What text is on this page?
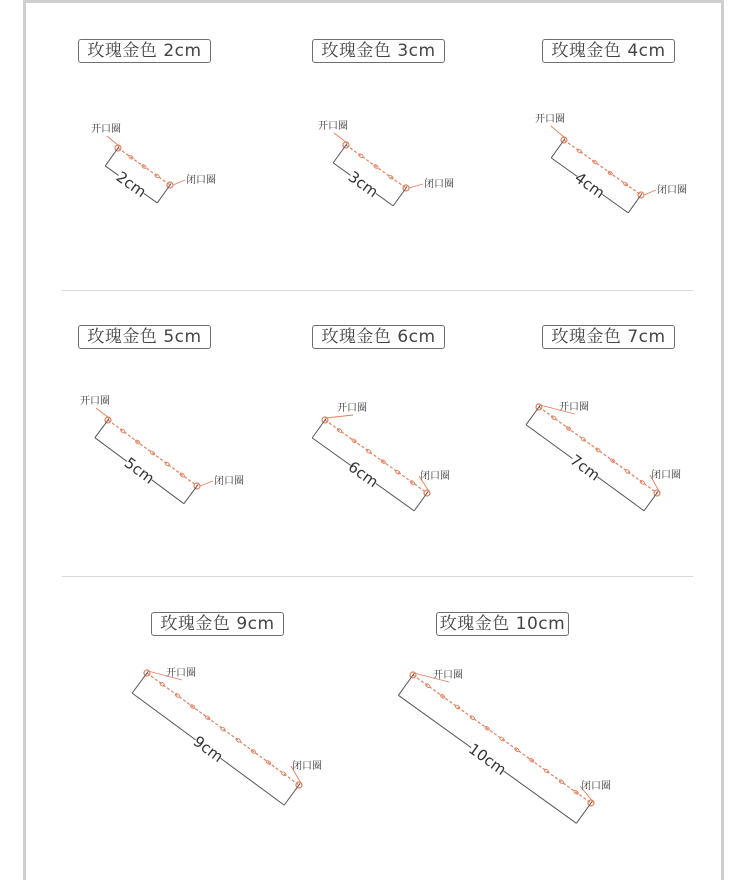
玫瑰金色 2cm	玫瑰金色 3cm	玫瑰金色 4cm
玫瑰金色 5cm	玫瑰金色 6cm	玫瑰金色 7cm
玫瑰金色 9cm	玫瑰金色 10cm
开口圈
闭口圈
2cm
开口圈
闭口圈
3cm
开口圈
闭口圈
4cm
开口圈
闭口圈
5cm
开口圈
闭口圈
6cm
开口圈
闭口圈
7cm
开口圈
闭口圈
9cm
开口圈
闭口圈
10cm
